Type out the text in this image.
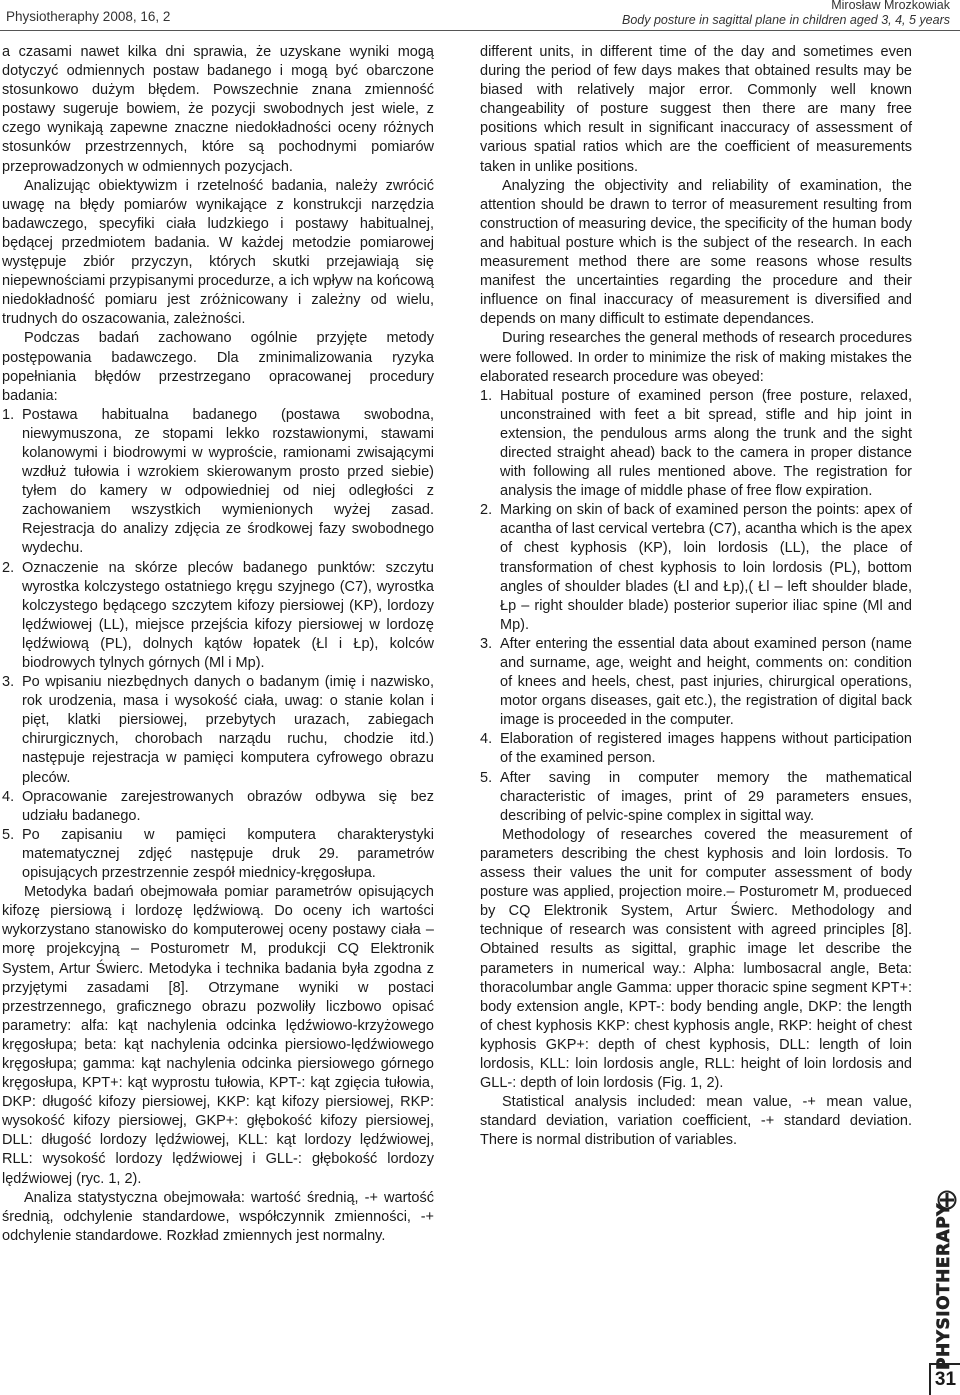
Physiotheraphy 2008, 16, 2
Mirosław Mrozkowiak
Body posture in sagittal plane in children aged 3, 4, 5 years

a czasami nawet kilka dni sprawia, że uzyskane wyniki mogą dotyczyć odmiennych postaw badanego i mogą być obarczone stosunkowo dużym błędem. Powszechnie znana zmienność postawy sugeruje bowiem, że pozycji swobodnych jest wiele, z czego wynikają zapewne znaczne niedokładności oceny różnych stosunków przestrzennych, które są pochodnymi pomiarów przeprowadzonych w odmiennych pozycjach.

Analizując obiektywizm i rzetelność badania, należy zwrócić uwagę na błędy pomiarów wynikające z konstrukcji narzędzia badawczego, specyfiki ciała ludzkiego i postawy habitualnej, będącej przedmiotem badania. W każdej metodzie pomiarowej występuje zbiór przyczyn, których skutki przejawiają się niepewnościami przypisanymi procedurze, a ich wpływ na końcową niedokładność pomiaru jest zróżnicowany i zależny od wielu, trudnych do oszacowania, zależności.

Podczas badań zachowano ogólnie przyjęte metody postępowania badawczego. Dla zminimalizowania ryzyka popełniania błędów przestrzegano opracowanej procedury badania:

1. Postawa habitualna badanego (postawa swobodna, niewymuszona, ze stopami lekko rozstawionymi, stawami kolanowymi i biodrowymi w wyproście, ramionami zwisającymi wzdłuż tułowia i wzrokiem skierowanym prosto przed siebie) tyłem do kamery w odpowiedniej od niej odległości z zachowaniem wszystkich wymienionych wyżej zasad. Rejestracja do analizy zdjęcia ze środkowej fazy swobodnego wydechu.
2. Oznaczenie na skórze pleców badanego punktów: szczytu wyrostka kolczystego ostatniego kręgu szyjnego (C7), wyrostka kolczystego będącego szczytem kifozy piersiowej (KP), lordozy lędźwiowej (LL), miejsce przejścia kifozy piersiowej w lordozę lędźwiową (PL), dolnych kątów łopatek (Łl i Łp), kolców biodrowych tylnych górnych (Ml i Mp).
3. Po wpisaniu niezbędnych danych o badanym (imię i nazwisko, rok urodzenia, masa i wysokość ciała, uwag: o stanie kolan i pięt, klatki piersiowej, przebytych urazach, zabiegach chirurgicznych, chorobach narządu ruchu, chodzie itd.) następuje rejestracja w pamięci komputera cyfrowego obrazu pleców.
4. Opracowanie zarejestrowanych obrazów odbywa się bez udziału badanego.
5. Po zapisaniu w pamięci komputera charakterystyki matematycznej zdjęć następuje druk 29. parametrów opisujących przestrzennie zespół miednicy-kręgosłupa.

Metodyka badań obejmowała pomiar parametrów opisujących kifozę piersiową i lordozę lędźwiową. Do oceny ich wartości wykorzystano stanowisko do komputerowej oceny postawy ciała – morę projekcyjną – Posturometr M, produkcji CQ Elektronik System, Artur Świerc. Metodyka i technika badania była zgodna z przyjętymi zasadami [8]. Otrzymane wyniki w postaci przestrzennego, graficznego obrazu pozwoliły liczbowo opisać parametry: alfa: kąt nachylenia odcinka lędźwiowo-krzyżowego kręgosłupa; beta: kąt nachylenia odcinka piersiowo-lędźwiowego kręgosłupa; gamma: kąt nachylenia odcinka piersiowego górnego kręgosłupa, KPT+: kąt wyprostu tułowia, KPT-: kąt zgięcia tułowia, DKP: długość kifozy piersiowej, KKP: kąt kifozy piersiowej, RKP: wysokość kifozy piersiowej, GKP+: głębokość kifozy piersiowej, DLL: długość lordozy lędźwiowej, KLL: kąt lordozy lędźwiowej, RLL: wysokość lordozy lędźwiowej i GLL-: głębokość lordozy lędźwiowej (ryc. 1, 2).

Analiza statystyczna obejmowała: wartość średnią, -+ wartość średnią, odchylenie standardowe, współczynnik zmienności, -+ odchylenie standardowe. Rozkład zmiennych jest normalny.

different units, in different time of the day and sometimes even during the period of few days makes that obtained results may be biased with relatively major error. Commonly well known changeability of posture suggest then there are many free positions which result in significant inaccuracy of assessment of various spatial ratios which are the coefficient of measurements taken in unlike positions.

Analyzing the objectivity and reliability of examination, the attention should be drawn to terror of measurement resulting from construction of measuring device, the specificity of the human body and habitual posture which is the subject of the research. In each measurement method there are some reasons whose results manifest the uncertainties regarding the procedure and their influence on final inaccuracy of measurement is diversified and depends on many difficult to estimate dependances.

During researches the general methods of research procedures were followed. In order to minimize the risk of making mistakes the elaborated research procedure was obeyed:

1. Habitual posture of examined person (free posture, relaxed, unconstrained with feet a bit spread, stifle and hip joint in extension, the pendulous arms along the trunk and the sight directed straight ahead) back to the camera in proper distance with following all rules mentioned above. The registration for analysis the image of middle phase of free flow expiration.
2. Marking on skin of back of examined person the points: apex of acantha of last cervical vertebra (C7), acantha which is the apex of chest kyphosis (KP), loin lordosis (LL), the place of transformation of chest kyphosis to loin lordosis (PL), bottom angles of shoulder blades (Łl and Łp),( Łl – left shoulder blade, Łp – right shoulder blade) posterior superior iliac spine (Ml and Mp).
3. After entering the essential data about examined person (name and surname, age, weight and height, comments on: condition of knees and heels, chest, past injuries, chirurgical operations, motor organs diseases, gait etc.), the registration of digital back image is proceeded in the computer.
4. Elaboration of registered images happens without participation of the examined person.
5. After saving in computer memory the mathematical characteristic of images, print of 29 parameters ensues, describing of pelvic-spine complex in sigittal way.

Methodology of researches covered the measurement of parameters describing the chest kyphosis and loin lordosis. To assess their values the unit for computer assessment of body posture was applied, projection moire.– Posturometr M, produeced by CQ Elektronik System, Artur Świerc. Methodology and technique of research was consistent with agreed principles [8]. Obtained results as sigittal, graphic image let describe the parameters in numerical way.: Alpha: lumbosacral angle, Beta: thoracolumbar angle Gamma: upper thoracic spine segment KPT+: body extension angle, KPT-: body bending angle, DKP: the length of chest kyphosis KKP: chest kyphosis angle, RKP: height of chest kyphosis GKP+: depth of chest kyphosis, DLL: length of loin lordosis, KLL: loin lordosis angle, RLL: height of loin lordosis and GLL-: depth of loin lordosis (Fig. 1, 2).

Statistical analysis included: mean value, -+ mean value, standard deviation, variation coefficient, -+ standard deviation. There is normal distribution of variables.

PHYSIOTHERAPY
31
